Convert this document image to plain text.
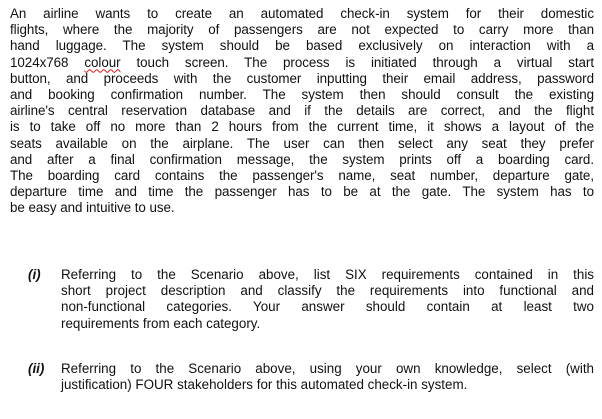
An airline wants to create an automated check-in system for their domestic
flights, where the majority of passengers are not expected to carry more than
hand luggage. The system should be based exclusively on interaction with a
1024x768 colour touch screen. The process is initiated through a virtual start
button, and proceeds with the customer inputting their email address, password
and booking confirmation number. The system then should consult the existing
airline's central reservation database and if the details are correct, and the flight
is to take off no more than 2 hours from the current time, it shows a layout of the
seats available on the airplane. The user can then select any seat they prefer
and after a final confirmation message, the system prints off a boarding card.
The boarding card contains the passenger's name, seat number, departure gate,
departure time and time the passenger has to be at the gate. The system has to
be easy and intuitive to use.
(i) Referring to the Scenario above, list SIX requirements contained in this
short project description and classify the requirements into functional and
non-functional categories. Your answer should contain at least two
requirements from each category.
(ii) Referring to the Scenario above, using your own knowledge, select (with
justification) FOUR stakeholders for this automated check-in system.
